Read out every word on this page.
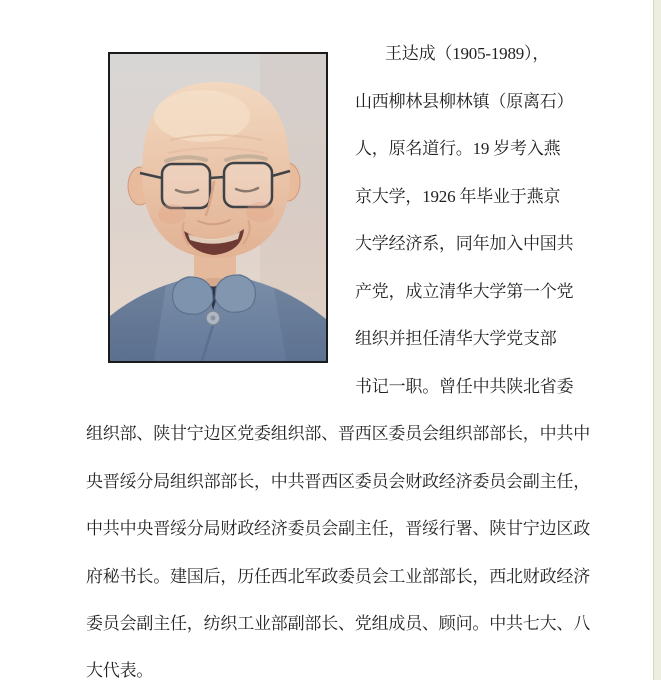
王达成（1905-1989），
山西柳林县柳林镇（原离石）
人，原名道行。19 岁考入燕
京大学，1926 年毕业于燕京
大学经济系，同年加入中国共
产党，成立清华大学第一个党
组织并担任清华大学党支部
书记一职。曾任中共陕北省委
组织部、陕甘宁边区党委组织部、晋西区委员会组织部部长，中共中
央晋绥分局组织部部长，中共晋西区委员会财政经济委员会副主任，
中共中央晋绥分局财政经济委员会副主任，晋绥行署、陕甘宁边区政
府秘书长。建国后，历任西北军政委员会工业部部长，西北财政经济
委员会副主任，纺织工业部副部长、党组成员、顾问。中共七大、八
大代表。
